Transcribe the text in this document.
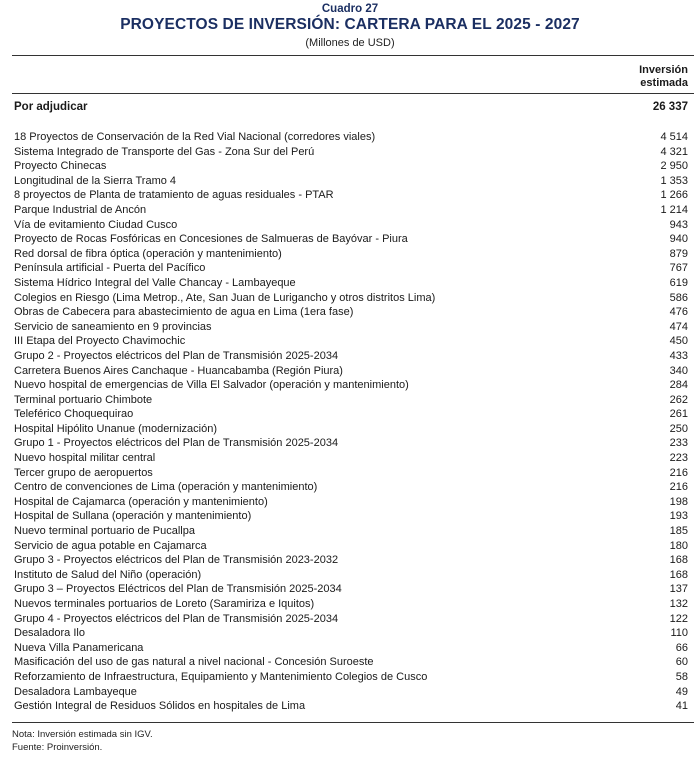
Cuadro 27
PROYECTOS DE INVERSIÓN: CARTERA PARA EL 2025 - 2027
(Millones de USD)
Inversión
estimada
Por adjudicar	26 337
18 Proyectos de Conservación de la Red Vial Nacional (corredores viales)	4 514
Sistema Integrado de Transporte del Gas - Zona Sur del Perú	4 321
Proyecto Chinecas	2 950
Longitudinal de la Sierra Tramo 4	1 353
8 proyectos de Planta de tratamiento de aguas residuales - PTAR	1 266
Parque Industrial de Ancón	1 214
Vía de evitamiento Ciudad Cusco	943
Proyecto de Rocas Fosfóricas en Concesiones de Salmueras de Bayóvar - Piura	940
Red dorsal de fibra óptica (operación y mantenimiento)	879
Península artificial - Puerta del Pacífico	767
Sistema Hídrico Integral del Valle Chancay - Lambayeque	619
Colegios en Riesgo (Lima Metrop., Ate, San Juan de Lurigancho y otros distritos Lima)	586
Obras de Cabecera para abastecimiento de agua en Lima (1era fase)	476
Servicio de saneamiento en 9 provincias	474
III Etapa del Proyecto Chavimochic	450
Grupo 2 - Proyectos eléctricos del Plan de Transmisión 2025-2034	433
Carretera Buenos Aires Canchaque - Huancabamba (Región Piura)	340
Nuevo hospital de emergencias de Villa El Salvador (operación y mantenimiento)	284
Terminal portuario Chimbote	262
Teleférico Choquequirao	261
Hospital Hipólito Unanue (modernización)	250
Grupo 1 - Proyectos eléctricos del Plan de Transmisión 2025-2034	233
Nuevo hospital militar central	223
Tercer grupo de aeropuertos	216
Centro de convenciones de Lima (operación y mantenimiento)	216
Hospital de Cajamarca (operación y mantenimiento)	198
Hospital de Sullana (operación y mantenimiento)	193
Nuevo terminal portuario de Pucallpa	185
Servicio de agua potable en Cajamarca	180
Grupo 3 - Proyectos eléctricos del Plan de Transmisión 2023-2032	168
Instituto de Salud del Niño (operación)	168
Grupo 3 – Proyectos Eléctricos del Plan de Transmisión 2025-2034	137
Nuevos terminales portuarios de Loreto (Saramiriza e Iquitos)	132
Grupo 4 - Proyectos eléctricos del Plan de Transmisión 2025-2034	122
Desaladora Ilo	110
Nueva Villa Panamericana	66
Masificación del uso de gas natural a nivel nacional - Concesión Suroeste	60
Reforzamiento de Infraestructura, Equipamiento y Mantenimiento Colegios de Cusco	58
Desaladora Lambayeque	49
Gestión Integral de Residuos Sólidos en hospitales de Lima	41
Nota: Inversión estimada sin IGV.
Fuente: Proinversión.
